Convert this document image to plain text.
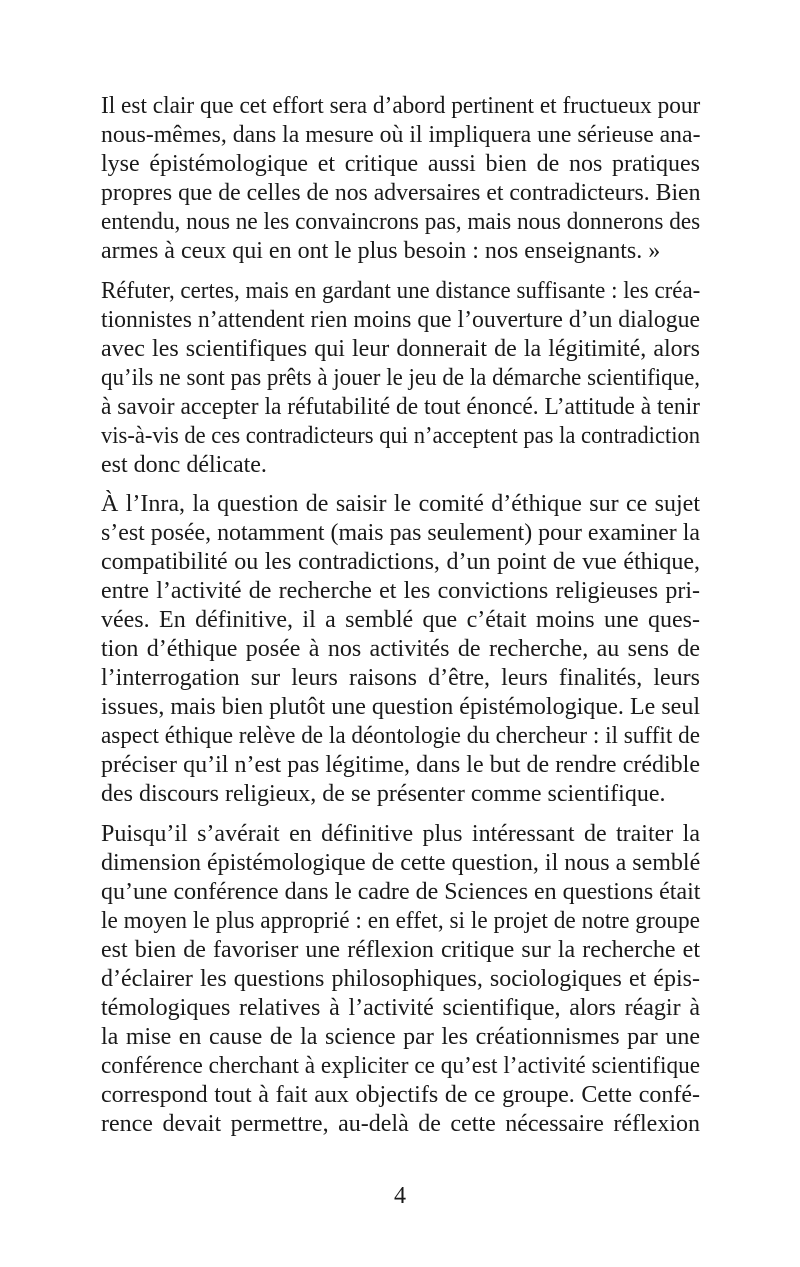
Il est clair que cet effort sera d’abord pertinent et fructueux pour
nous-mêmes, dans la mesure où il impliquera une sérieuse ana-
lyse épistémologique et critique aussi bien de nos pratiques
propres que de celles de nos adversaires et contradicteurs. Bien
entendu, nous ne les convaincrons pas, mais nous donnerons des
armes à ceux qui en ont le plus besoin : nos enseignants. »
Réfuter, certes, mais en gardant une distance suffisante : les créa-
tionnistes n’attendent rien moins que l’ouverture d’un dialogue
avec les scientifiques qui leur donnerait de la légitimité, alors
qu’ils ne sont pas prêts à jouer le jeu de la démarche scientifique,
à savoir accepter la réfutabilité de tout énoncé. L’attitude à tenir
vis-à-vis de ces contradicteurs qui n’acceptent pas la contradiction
est donc délicate.
À l’Inra, la question de saisir le comité d’éthique sur ce sujet
s’est posée, notamment (mais pas seulement) pour examiner la
compatibilité ou les contradictions, d’un point de vue éthique,
entre l’activité de recherche et les convictions religieuses pri-
vées. En définitive, il a semblé que c’était moins une ques-
tion d’éthique posée à nos activités de recherche, au sens de
l’interrogation sur leurs raisons d’être, leurs finalités, leurs
issues, mais bien plutôt une question épistémologique. Le seul
aspect éthique relève de la déontologie du chercheur : il suffit de
préciser qu’il n’est pas légitime, dans le but de rendre crédible
des discours religieux, de se présenter comme scientifique.
Puisqu’il s’avérait en définitive plus intéressant de traiter la
dimension épistémologique de cette question, il nous a semblé
qu’une conférence dans le cadre de Sciences en questions était
le moyen le plus approprié : en effet, si le projet de notre groupe
est bien de favoriser une réflexion critique sur la recherche et
d’éclairer les questions philosophiques, sociologiques et épis-
témologiques relatives à l’activité scientifique, alors réagir à
la mise en cause de la science par les créationnismes par une
conférence cherchant à expliciter ce qu’est l’activité scientifique
correspond tout à fait aux objectifs de ce groupe. Cette confé-
rence devait permettre, au-delà de cette nécessaire réflexion
4
